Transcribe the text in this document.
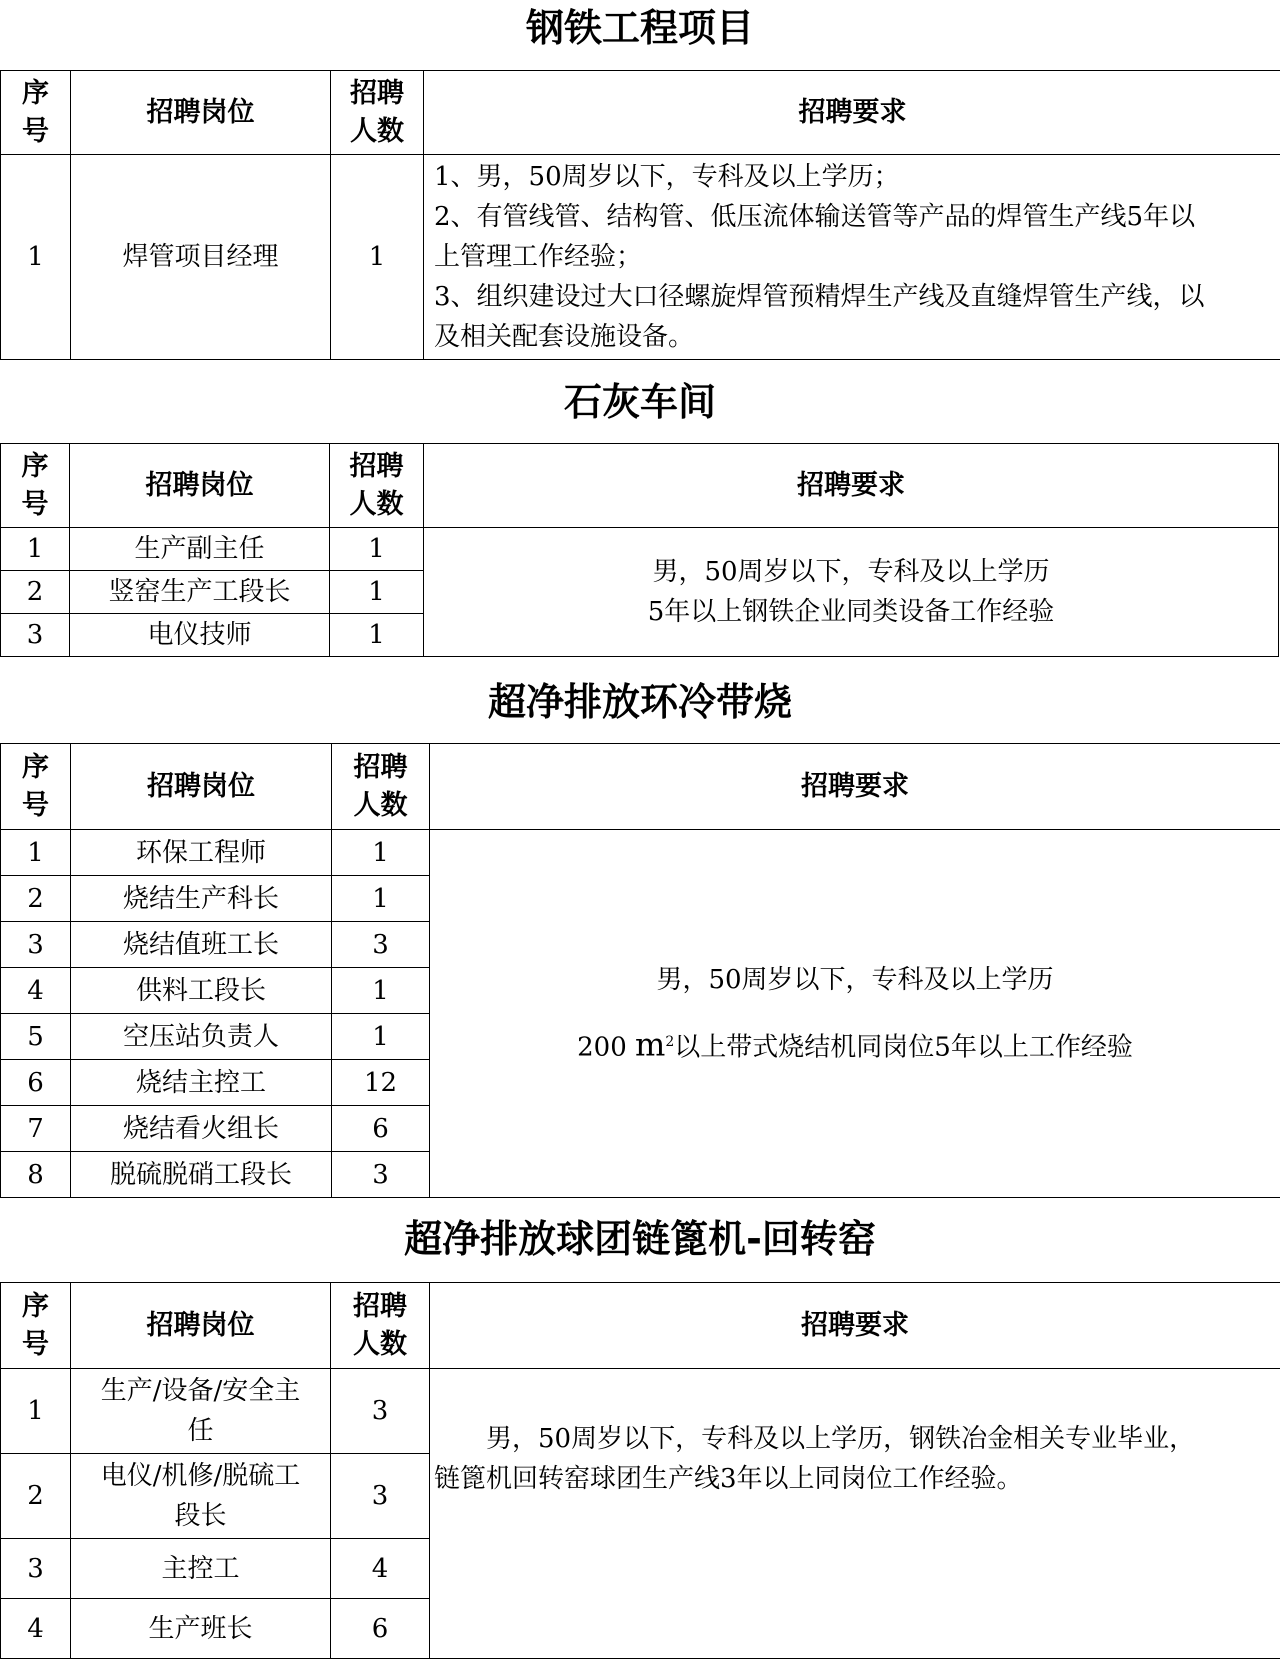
钢铁工程项目
序号	招聘岗位	招聘人数	招聘要求
1	焊管项目经理	1	1、男，50周岁以下，专科及以上学历；
2、有管线管、结构管、低压流体输送管等产品的焊管生产线5年以
上管理工作经验；
3、组织建设过大口径螺旋焊管预精焊生产线及直缝焊管生产线，以
及相关配套设施设备。
石灰车间
序号	招聘岗位	招聘人数	招聘要求
1	生产副主任	1	男，50周岁以下，专科及以上学历
5年以上钢铁企业同类设备工作经验

2	竖窑生产工段长	1	
3	电仪技师	1	
超净排放环冷带烧
序号	招聘岗位	招聘人数	招聘要求
1	环保工程师	1	男，50周岁以下，专科及以上学历
200 $m^2$以上带式烧结机同岗位5年以上工作经验

2	烧结生产科长	1	
3	烧结值班工长	3	
4	供料工段长	1	
5	空压站负责人	1	
6	烧结主控工	12	
7	烧结看火组长	6	
8	脱硫脱硝工段长	3	
超净排放球团链篦机-回转窑
序号	招聘岗位	招聘人数	招聘要求
1	生产/设备/安全主任	3	　　男，50周岁以下，专科及以上学历，钢铁冶金相关专业毕业，
链篦机回转窑球团生产线3年以上同岗位工作经验。

2	电仪/机修/脱硫工段长	3	
3	主控工	4	
4	生产班长	6	
